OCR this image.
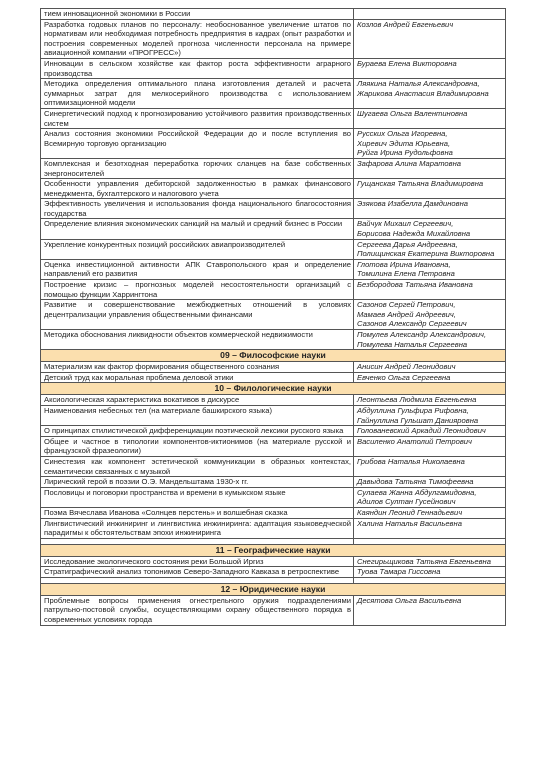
тием инновационной экономики в России	

Разработка годовых планов по персоналу: необоснованное увеличение штатов по нормативам или необходимая потребность предприятия в кадрах (опыт разработки и построения современных моделей прогноза численности персонала на примере авиационной компании «ПРОГРЕСС»)	Козлов Андрей Евгеньевич

Инновации в сельском хозяйстве как фактор роста эффективности аграрного производства	Бураева Елена Викторовна

Методика определения оптимального плана изготовления деталей и расчета суммарных затрат для мелкосерийного производства с использованием оптимизационной модели	Ляякина Наталья Александровна,
Жарикова Анастасия Владимировна

Синергетический подход к прогнозированию устойчивого развития производственных систем	Шугаева Ольга Валентиновна

Анализ состояния экономики Российской Федерации до и после вступления во Всемирную торговую организацию	Русских Ольга Игоревна,
Хиревич Эдита Юрьевна,
Руйга Ирина Рудольфовна

Комплексная и безотходная переработка горючих сланцев на базе собственных энергоносителей	Зафарова Алина Маратовна

Особенности управления дебиторской задолженностью в рамках финансового менеджмента, бухгалтерского и налогового учета	Гущанская Татьяна Владимировна

Эффективность увеличения и использования фонда национального благосостояния государства	Эзякова Изабелла Дамдиновна

Определение влияния экономических санкций на малый и средний бизнес в России	Вайчук Михаил Сергеевич,
Борисова Надежда Михайловна

Укрепление конкурентных позиций российских авиапроизводителей	Сергеева Дарья Андреевна,
Полищинская Екатерина Викторовна

Оценка инвестиционной активности АПК Ставропольского края и определение направлений его развития	Глотова Ирина Ивановна,
Томилина Елена Петровна

Построение кризис – прогнозных моделей несостоятельности организаций с помощью функции Харрингтона	Безбородова Татьяна Ивановна

Развитие и совершенствование межбюджетных отношений в условиях децентрализации управления общественными финансами	Сазонов Сергей Петрович,
Мамаев Андрей Андреевич,
Сазонов Александр Сергеевич

Методика обоснования ликвидности объектов коммерческой недвижимости	Помулев Александр Александрович,
Помулева Наталья Сергеевна

09 – Философские науки	
Материализм как фактор формирования общественного сознания	Анисин Андрей Леонидович

Детский труд как моральная проблема деловой этики	Евченко Ольга Сергеевна

10 – Филологические науки	
Аксиологическая характеристика вокативов в дискурсе	Леонтьева Людмила Евгеньевна

Наименования небесных тел (на материале башкирского языка)	Абдуллина Гульфира Рифовна,
Гайнуллина Гульшат Данияровна

О принципах стилистической дифференциации поэтической лексики русского языка	Голованевский Аркадий Леонидович

Общее и частное в типологии компонентов-иктионимов (на материале русской и французской фразеологии)	Василенко Анатолий Петрович

Синестезия как компонент эстетической коммуникации в образных контекстах, семантически связанных с музыкой	Грибова Наталья Николаевна

Лирический герой в поэзии О.Э. Мандельштама 1930-х гг.	Давыдова Татьяна Тимофеевна

Пословицы и поговорки пространства и времени в кумыкском языке	Сулаева Жанна Абдулгамидовна,
Адилов Султан Гусейнович

Поэма Вячеслава Иванова «Солнцев перстень» и волшебная сказка	Каяндин Леонид Геннадьевич

Лингвистический инжиниринг и лингвистика инжиниринга: адаптация языковедческой парадигмы к обстоятельствам эпохи инжиниринга	Халина Наталья Васильевна

11 – Географические науки	
Исследование экологического состояния реки Большой Иргиз	Снегирьщикова Татьяна Евгеньевна

Стратиграфический анализ топонимов Северо-Западного Кавказа в ретроспективе	Туова Тамара Гиссовна

12 – Юридические науки	
Проблемные вопросы применения огнестрельного оружия подразделениями патрульно-постовой службы, осуществляющими охрану общественного порядка в современных условиях города	Десятова Ольга Васильевна
